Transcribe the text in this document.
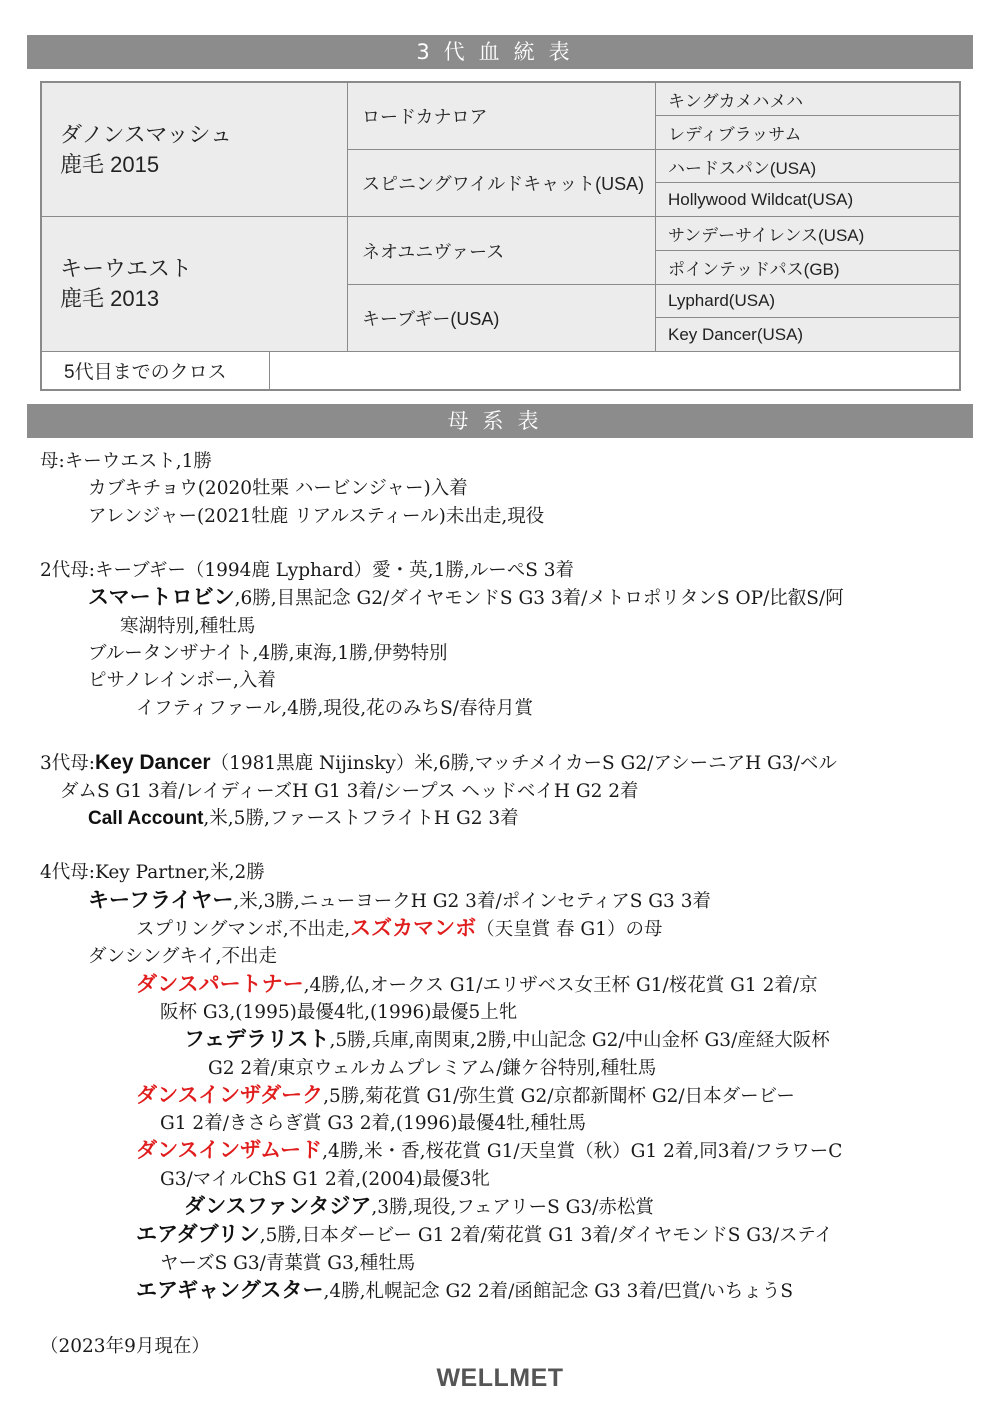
3代血統表
ダノンスマッシュ
鹿毛 2015
キーウエスト
鹿毛 2013
ロードカナロア
スピニングワイルドキャット(USA)
ネオユニヴァース
キーブギー(USA)
キングカメハメハ
レディブラッサム
ハードスパン(USA)
Hollywood Wildcat(USA)
サンデーサイレンス(USA)
ポインテッドパス(GB)
Lyphard(USA)
Key Dancer(USA)
5代目までのクロス
母系表

母:キーウエスト,1勝

カブキチョウ(2020牡栗 ハービンジャー)入着

アレンジャー(2021牡鹿 リアルスティール)未出走,現役

2代母:キーブギー（1994鹿 Lyphard）愛・英,1勝,ルーペS 3着

スマートロビン,6勝,目黒記念 G2/ダイヤモンドS G3 3着/メトロポリタンS OP/比叡S/阿

寒湖特別,種牡馬

ブルータンザナイト,4勝,東海,1勝,伊勢特別

ピサノレインボー,入着

イフティファール,4勝,現役,花のみちS/春待月賞

3代母:Key Dancer（1981黒鹿 Nijinsky）米,6勝,マッチメイカーS G2/アシーニアH G3/ベル

ダムS G1 3着/レイディーズH G1 3着/シープス ヘッドベイH G2 2着

Call Account,米,5勝,ファーストフライトH G2 3着

4代母:Key Partner,米,2勝

キーフライヤー,米,3勝,ニューヨークH G2 3着/ポインセティアS G3 3着

スプリングマンボ,不出走,スズカマンボ（天皇賞 春 G1）の母

ダンシングキイ,不出走

ダンスパートナー,4勝,仏,オークス G1/エリザベス女王杯 G1/桜花賞 G1 2着/京

阪杯 G3,(1995)最優4牝,(1996)最優5上牝

フェデラリスト,5勝,兵庫,南関東,2勝,中山記念 G2/中山金杯 G3/産経大阪杯

G2 2着/東京ウェルカムプレミアム/鎌ケ谷特別,種牡馬

ダンスインザダーク,5勝,菊花賞 G1/弥生賞 G2/京都新聞杯 G2/日本ダービー

G1 2着/きさらぎ賞 G3 2着,(1996)最優4牡,種牡馬

ダンスインザムード,4勝,米・香,桜花賞 G1/天皇賞（秋）G1 2着,同3着/フラワーC

G3/マイルChS G1 2着,(2004)最優3牝

ダンスファンタジア,3勝,現役,フェアリーS G3/赤松賞

エアダブリン,5勝,日本ダービー G1 2着/菊花賞 G1 3着/ダイヤモンドS G3/ステイ

ヤーズS G3/青葉賞 G3,種牡馬

エアギャングスター,4勝,札幌記念 G2 2着/函館記念 G3 3着/巴賞/いちょうS

（2023年9月現在）

WELLMET
